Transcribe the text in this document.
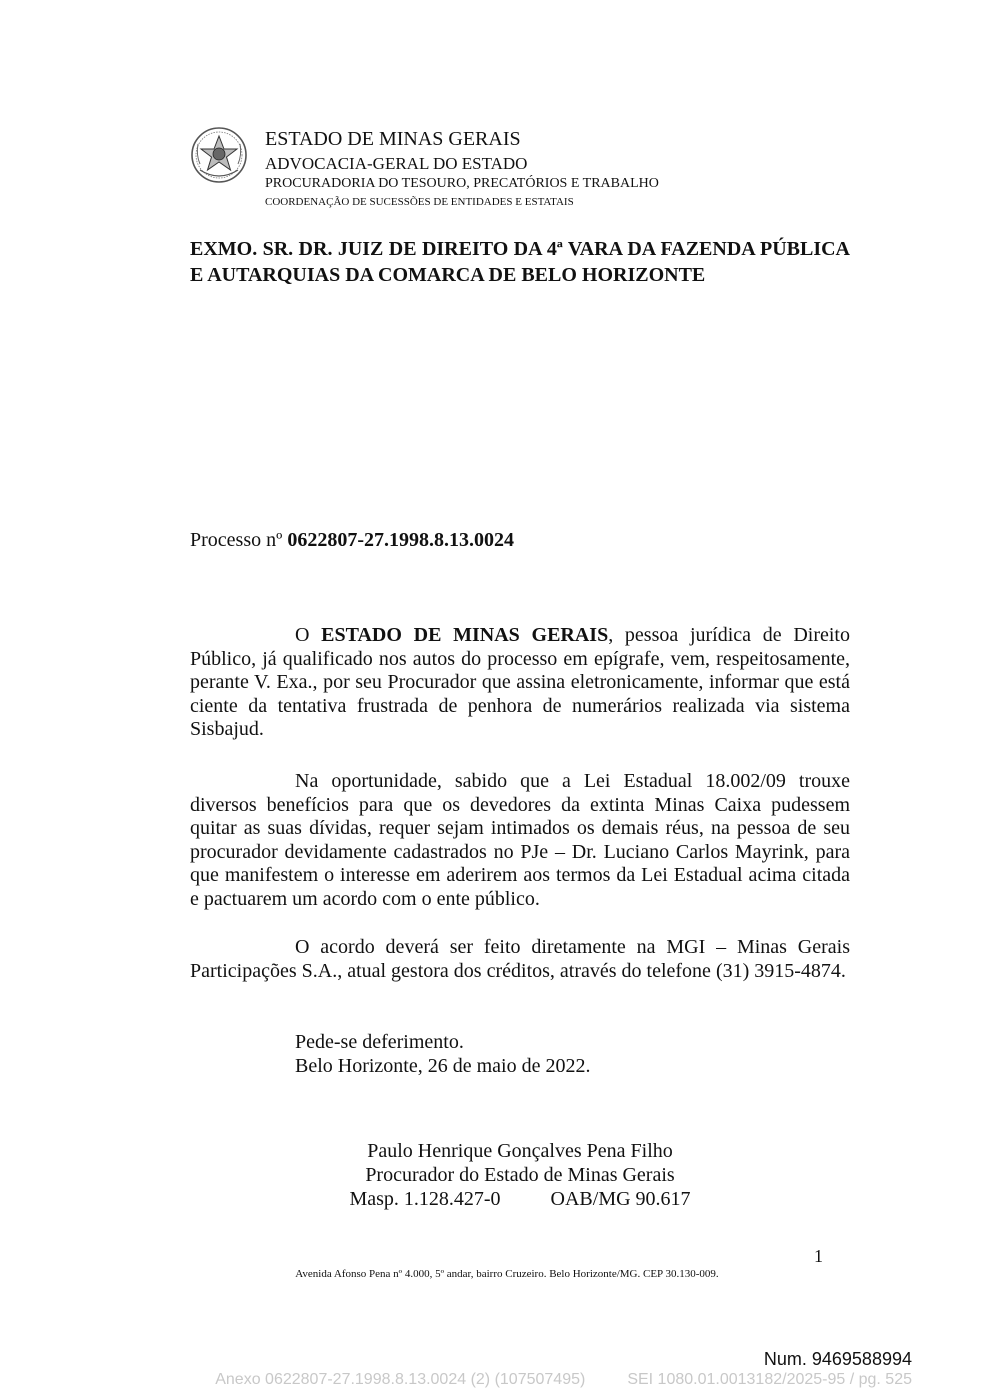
ESTADO DE MINAS GERAIS
ADVOCACIA-GERAL DO ESTADO
PROCURADORIA DO TESOURO, PRECATÓRIOS E TRABALHO
COORDENAÇÃO DE SUCESSÕES DE ENTIDADES E ESTATAIS
EXMO. SR. DR. JUIZ DE DIREITO DA 4ª VARA DA FAZENDA PÚBLICA E AUTARQUIAS DA COMARCA DE BELO HORIZONTE
Processo nº 0622807-27.1998.8.13.0024
O ESTADO DE MINAS GERAIS, pessoa jurídica de Direito Público, já qualificado nos autos do processo em epígrafe, vem, respeitosamente, perante V. Exa., por seu Procurador que assina eletronicamente, informar que está ciente da tentativa frustrada de penhora de numerários realizada via sistema Sisbajud.
Na oportunidade, sabido que a Lei Estadual 18.002/09 trouxe diversos benefícios para que os devedores da extinta Minas Caixa pudessem quitar as suas dívidas, requer sejam intimados os demais réus, na pessoa de seu procurador devidamente cadastrados no PJe – Dr. Luciano Carlos Mayrink, para que manifestem o interesse em aderirem aos termos da Lei Estadual acima citada e pactuarem um acordo com o ente público.
O acordo deverá ser feito diretamente na MGI – Minas Gerais Participações S.A., atual gestora dos créditos, através do telefone (31) 3915-4874.
Pede-se deferimento.
Belo Horizonte, 26 de maio de 2022.
Paulo Henrique Gonçalves Pena Filho
Procurador do Estado de Minas Gerais
Masp. 1.128.427-0	OAB/MG 90.617
1
Avenida Afonso Pena nº 4.000, 5º andar, bairro Cruzeiro. Belo Horizonte/MG. CEP 30.130-009.
Num. 9469588994
Anexo 0622807-27.1998.8.13.0024 (2) (107507495)	SEI 1080.01.0013182/2025-95 / pg. 525
